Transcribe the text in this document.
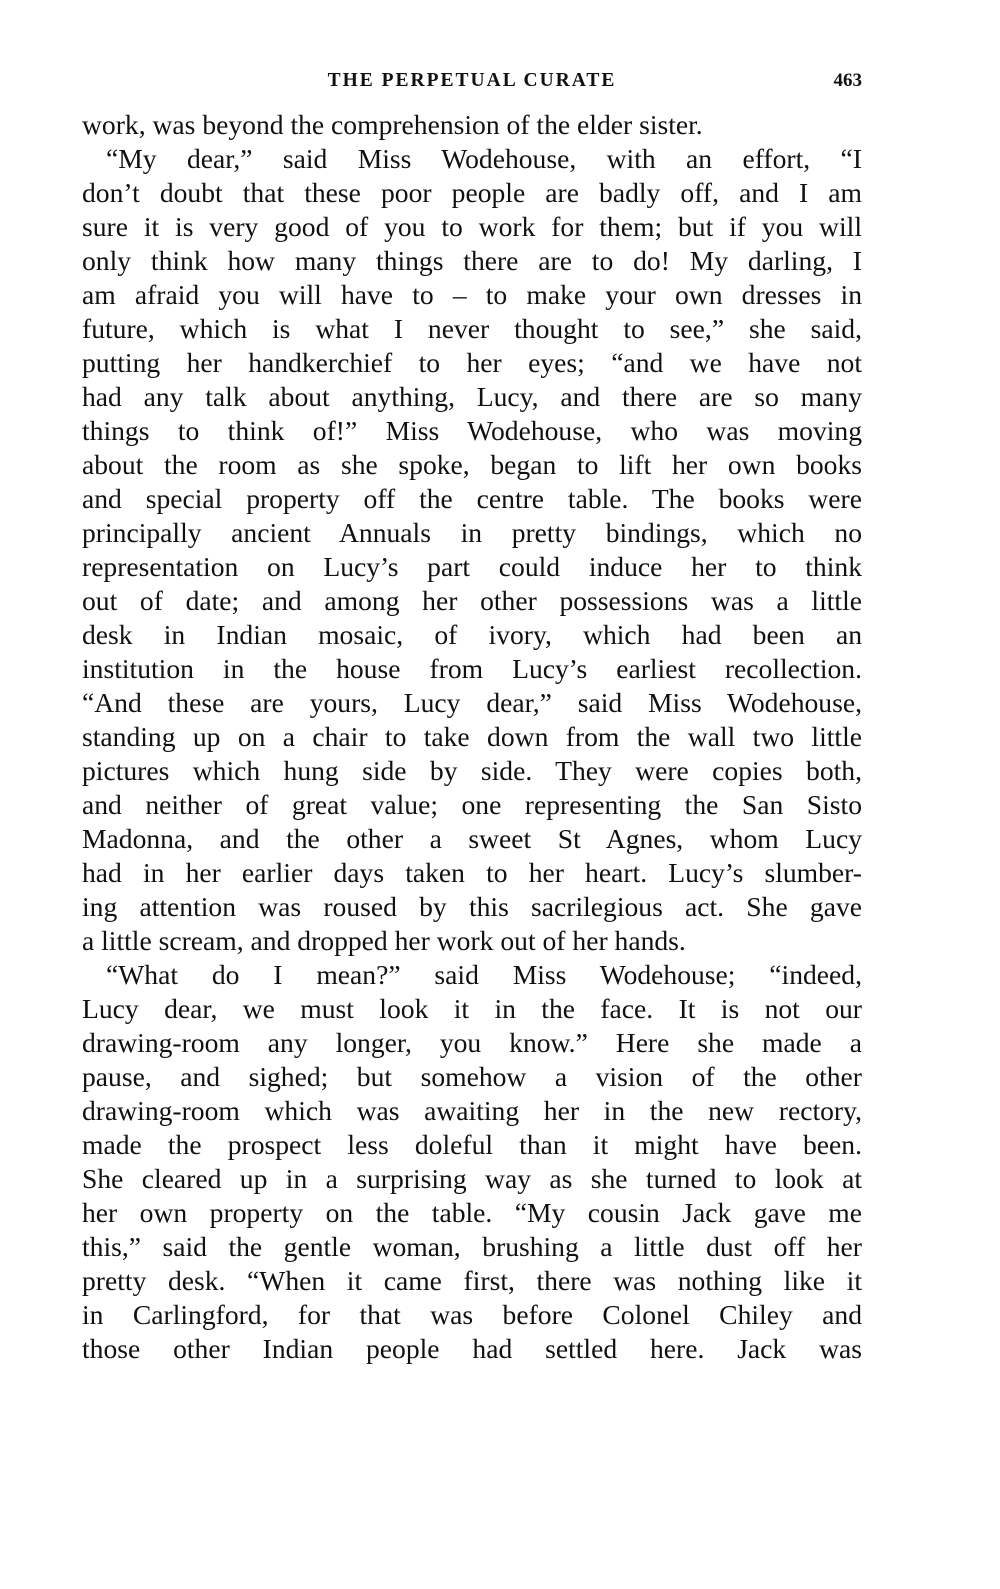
THE PERPETUAL CURATE	463
work, was beyond the comprehension of the elder sister.
“My dear,” said Miss Wodehouse, with an effort, “I
don’t doubt that these poor people are badly off, and I am
sure it is very good of you to work for them; but if you will
only think how many things there are to do! My darling, I
am afraid you will have to – to make your own dresses in
future, which is what I never thought to see,” she said,
putting her handkerchief to her eyes; “and we have not
had any talk about anything, Lucy, and there are so many
things to think of!” Miss Wodehouse, who was moving
about the room as she spoke, began to lift her own books
and special property off the centre table. The books were
principally ancient Annuals in pretty bindings, which no
representation on Lucy’s part could induce her to think
out of date; and among her other possessions was a little
desk in Indian mosaic, of ivory, which had been an
institution in the house from Lucy’s earliest recollection.
“And these are yours, Lucy dear,” said Miss Wodehouse,
standing up on a chair to take down from the wall two little
pictures which hung side by side. They were copies both,
and neither of great value; one representing the San Sisto
Madonna, and the other a sweet St Agnes, whom Lucy
had in her earlier days taken to her heart. Lucy’s slumber-
ing attention was roused by this sacrilegious act. She gave
a little scream, and dropped her work out of her hands.
“What do I mean?” said Miss Wodehouse; “indeed,
Lucy dear, we must look it in the face. It is not our
drawing-room any longer, you know.” Here she made a
pause, and sighed; but somehow a vision of the other
drawing-room which was awaiting her in the new rectory,
made the prospect less doleful than it might have been.
She cleared up in a surprising way as she turned to look at
her own property on the table. “My cousin Jack gave me
this,” said the gentle woman, brushing a little dust off her
pretty desk. “When it came first, there was nothing like it
in Carlingford, for that was before Colonel Chiley and
those other Indian people had settled here. Jack was
